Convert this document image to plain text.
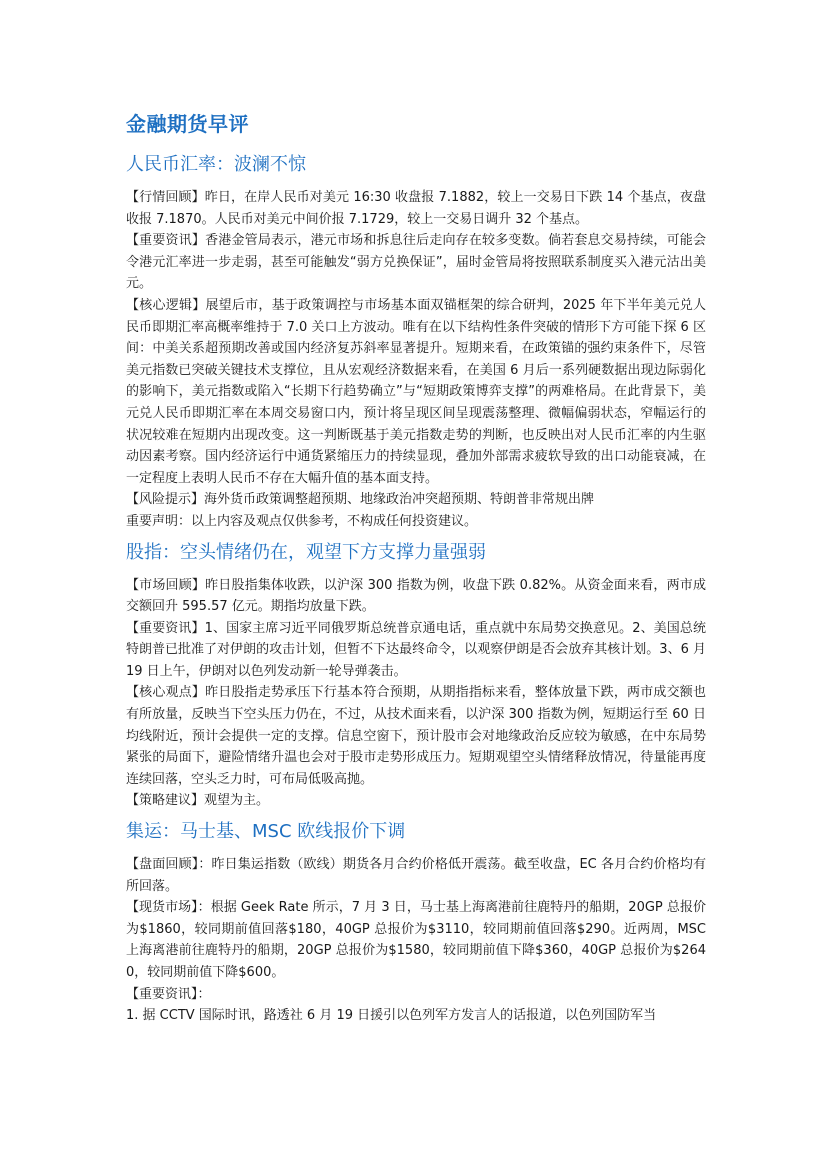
金融期货早评
人民币汇率：波澜不惊

【行情回顾】昨日，在岸人民币对美元 16:30 收盘报 7.1882，较上一交易日下跌 14 个基点，夜盘收报 7.1870。人民币对美元中间价报 7.1729，较上一交易日调升 32 个基点。

【重要资讯】香港金管局表示，港元市场和拆息往后走向存在较多变数。倘若套息交易持续，可能会令港元汇率进一步走弱，甚至可能触发“弱方兑换保证”，届时金管局将按照联系制度买入港元沽出美元。

【核心逻辑】展望后市，基于政策调控与市场基本面双锚框架的综合研判，2025 年下半年美元兑人民币即期汇率高概率维持于 7.0 关口上方波动。唯有在以下结构性条件突破的情形下方可能下探 6 区间：中美关系超预期改善或国内经济复苏斜率显著提升。短期来看，在政策锚的强约束条件下，尽管美元指数已突破关键技术支撑位，且从宏观经济数据来看，在美国 6 月后一系列硬数据出现边际弱化的影响下，美元指数或陷入“长期下行趋势确立”与“短期政策博弈支撑”的两难格局。在此背景下，美元兑人民币即期汇率在本周交易窗口内，预计将呈现区间呈现震荡整理、微幅偏弱状态，窄幅运行的状况较难在短期内出现改变。这一判断既基于美元指数走势的判断，也反映出对人民币汇率的内生驱动因素考察。国内经济运行中通货紧缩压力的持续显现，叠加外部需求疲软导致的出口动能衰减，在一定程度上表明人民币不存在大幅升值的基本面支持。

【风险提示】海外货币政策调整超预期、地缘政治冲突超预期、特朗普非常规出牌

重要声明：以上内容及观点仅供参考，不构成任何投资建议。

股指：空头情绪仍在，观望下方支撑力量强弱

【市场回顾】昨日股指集体收跌，以沪深 300 指数为例，收盘下跌 0.82%。从资金面来看，两市成交额回升 595.57 亿元。期指均放量下跌。

【重要资讯】1、国家主席习近平同俄罗斯总统普京通电话，重点就中东局势交换意见。2、美国总统特朗普已批准了对伊朗的攻击计划，但暂不下达最终命令，以观察伊朗是否会放弃其核计划。3、6 月 19 日上午，伊朗对以色列发动新一轮导弹袭击。

【核心观点】昨日股指走势承压下行基本符合预期，从期指指标来看，整体放量下跌，两市成交额也有所放量，反映当下空头压力仍在，不过，从技术面来看，以沪深 300 指数为例，短期运行至 60 日均线附近，预计会提供一定的支撑。信息空窗下，预计股市会对地缘政治反应较为敏感，在中东局势紧张的局面下，避险情绪升温也会对于股市走势形成压力。短期观望空头情绪释放情况，待量能再度连续回落，空头乏力时，可布局低吸高抛。

【策略建议】观望为主。

集运：马士基、MSC 欧线报价下调

【盘面回顾】：昨日集运指数（欧线）期货各月合约价格低开震荡。截至收盘，EC 各月合约价格均有所回落。

【现货市场】：根据 Geek Rate 所示，7 月 3 日，马士基上海离港前往鹿特丹的船期，20GP 总报价为$1860，较同期前值回落$180，40GP 总报价为$3110，较同期前值回落$290。近两周，MSC 上海离港前往鹿特丹的船期，20GP 总报价为$1580，较同期前值下降$360，40GP 总报价为$2640，较同期前值下降$600。

【重要资讯】：

1. 据 CCTV 国际时讯，路透社 6 月 19 日援引以色列军方发言人的话报道，以色列国防军当
